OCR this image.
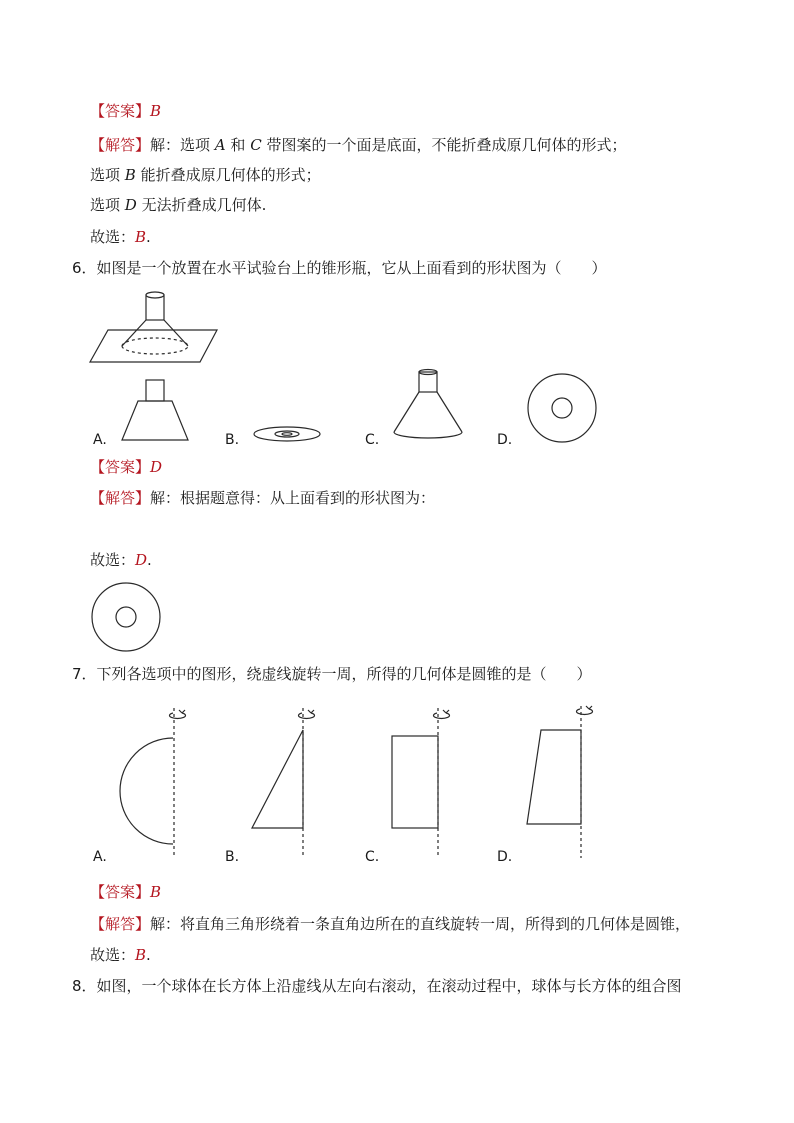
【答案】B
【解答】解：选项 A 和 C 带图案的一个面是底面，不能折叠成原几何体的形式；
选项 B 能折叠成原几何体的形式；
选项 D 无法折叠成几何体.
故选：B.
6．如图是一个放置在水平试验台上的锥形瓶，它从上面看到的形状图为（　　）
A.	B.	C.	D.
【答案】D
【解答】解：根据题意得：从上面看到的形状图为：
故选：D.
7．下列各选项中的图形，绕虚线旋转一周，所得的几何体是圆锥的是（　　）
A.	B.	C.	D.
【答案】B
【解答】解：将直角三角形绕着一条直角边所在的直线旋转一周，所得到的几何体是圆锥，
故选：B.
8．如图，一个球体在长方体上沿虚线从左向右滚动，在滚动过程中，球体与长方体的组合图
